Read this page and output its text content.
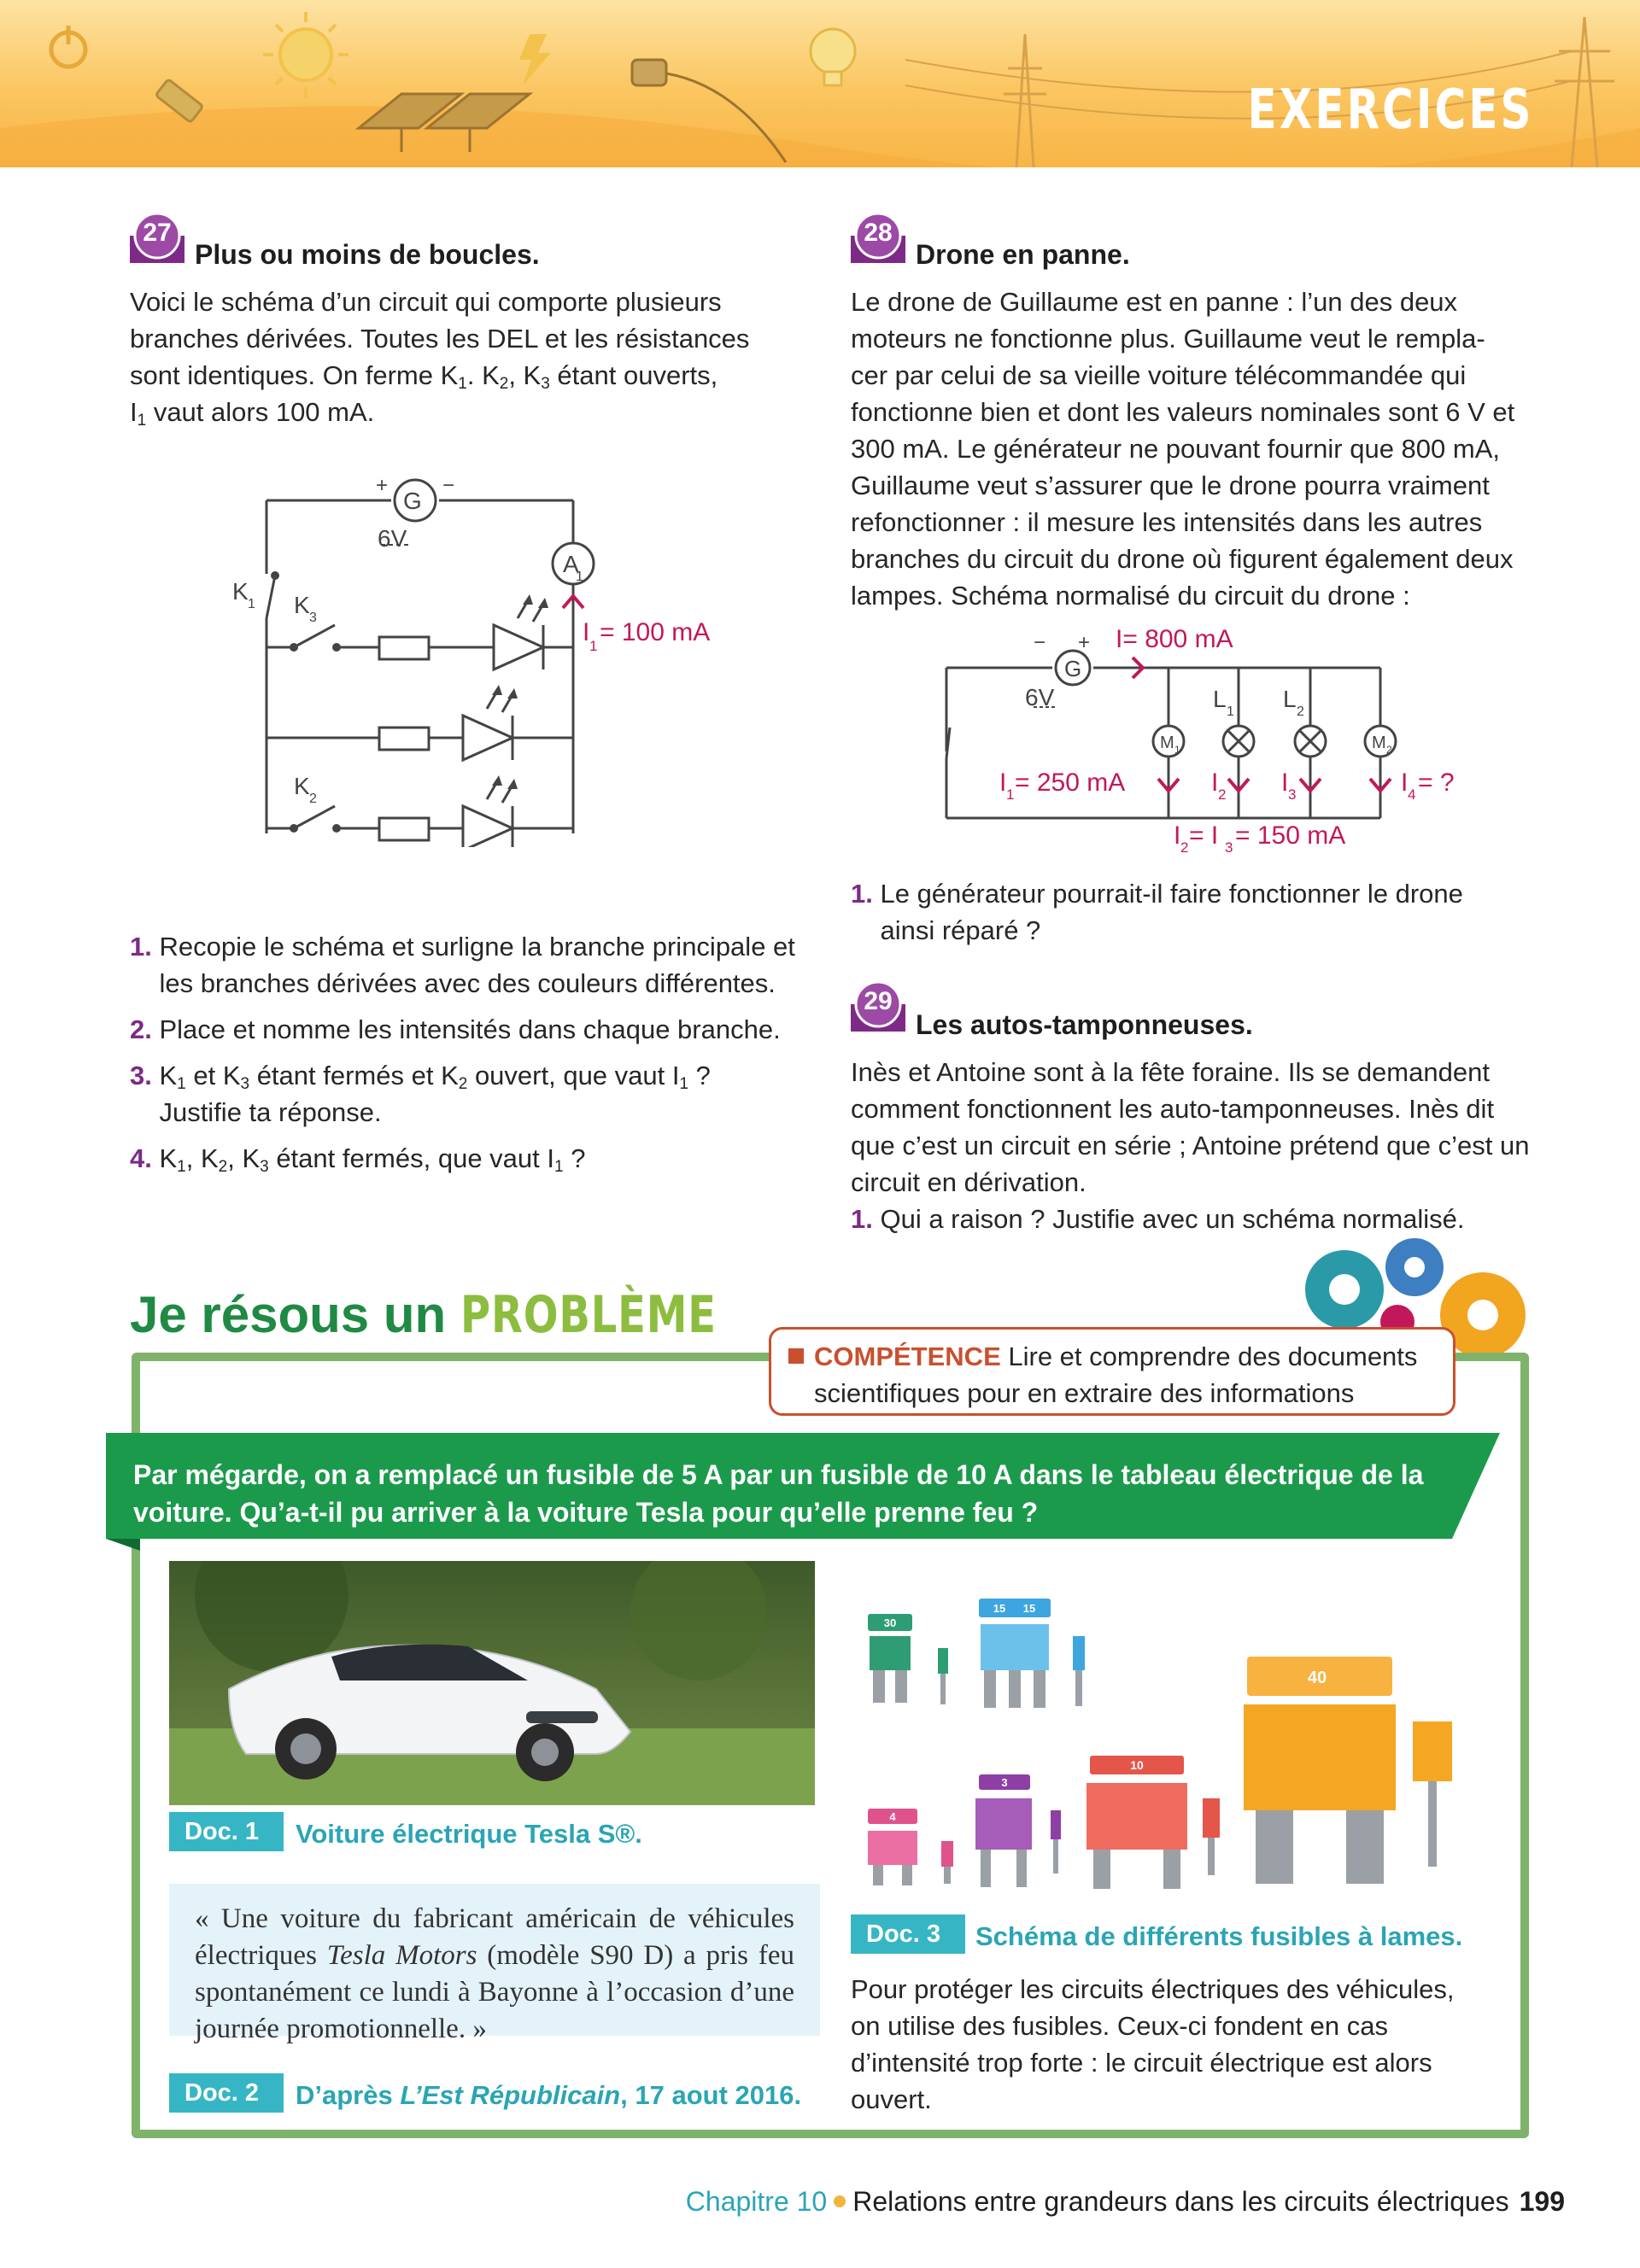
EXERCICES
27
Plus ou moins de boucles.
Voici le schéma d’un circuit qui comporte plusieurs
branches dérivées. Toutes les DEL et les résistances
sont identiques. On ferme $K_1$. $K_2$, $K_3$ étant ouverts,
$I_1$ vaut alors 100 mA.
G
+	−
6V
A
1
K 1 K 3
K 2
I 1 = 100 mA
1. Recopie le schéma et surligne la branche principale et
les branches dérivées avec des couleurs différentes.
2. Place et nomme les intensités dans chaque branche.
3. $K_1$ et $K_3$ étant fermés et $K_2$ ouvert, que vaut $I_1$ ?
Justifie ta réponse.
4. $K_1$, $K_2$, $K_3$ étant fermés, que vaut $I_1$ ?
28
Drone en panne.
Le drone de Guillaume est en panne : l’un des deux
moteurs ne fonctionne plus. Guillaume veut le rempla-
cer par celui de sa vieille voiture télécommandée qui
fonctionne bien et dont les valeurs nominales sont 6 V et
300 mA. Le générateur ne pouvant fournir que 800 mA,
Guillaume veut s’assurer que le drone pourra vraiment
refonctionner : il mesure les intensités dans les autres
branches du circuit du drone où figurent également deux
lampes. Schéma normalisé du circuit du drone :
G
− +
6V	L 1 L 2
M 1	M 2
I= 800 mA
I 1 = 250 mA	I 2 I 3	I 4 = ?
I 2 = I 3 = 150 mA
1. Le générateur pourrait-il faire fonctionner le drone
ainsi réparé ?
29
Les autos-tamponneuses.
Inès et Antoine sont à la fête foraine. Ils se demandent
comment fonctionnent les auto-tamponneuses. Inès dit
que c’est un circuit en série ; Antoine prétend que c’est un
circuit en dérivation.
1. Qui a raison ? Justifie avec un schéma normalisé.
Je résous un PROBLÈME
COMPÉTENCE Lire et comprendre des documents
scientifiques pour en extraire des informations
Par mégarde, on a remplacé un fusible de 5 A par un fusible de 10 A dans le tableau électrique de la voiture. Qu’a-t-il pu arriver à la voiture Tesla pour qu’elle prenne feu ?
Doc. 1	Voiture électrique Tesla S®.
« Une voiture du fabricant américain de véhicules électriques Tesla Motors (modèle S90 D) a pris feu spontanément ce lundi à Bayonne à l’occasion d’une journée promotionnelle. »
Doc. 2	D’après L’Est Républicain, 17 aout 2016.
30
15 15
40
3
10
4
Doc. 3	Schéma de différents fusibles à lames.
Pour protéger les circuits électriques des véhicules,
on utilise des fusibles. Ceux-ci fondent en cas
d’intensité trop forte : le circuit électrique est alors
ouvert.
Chapitre 10 Relations entre grandeurs dans les circuits électriques 199
